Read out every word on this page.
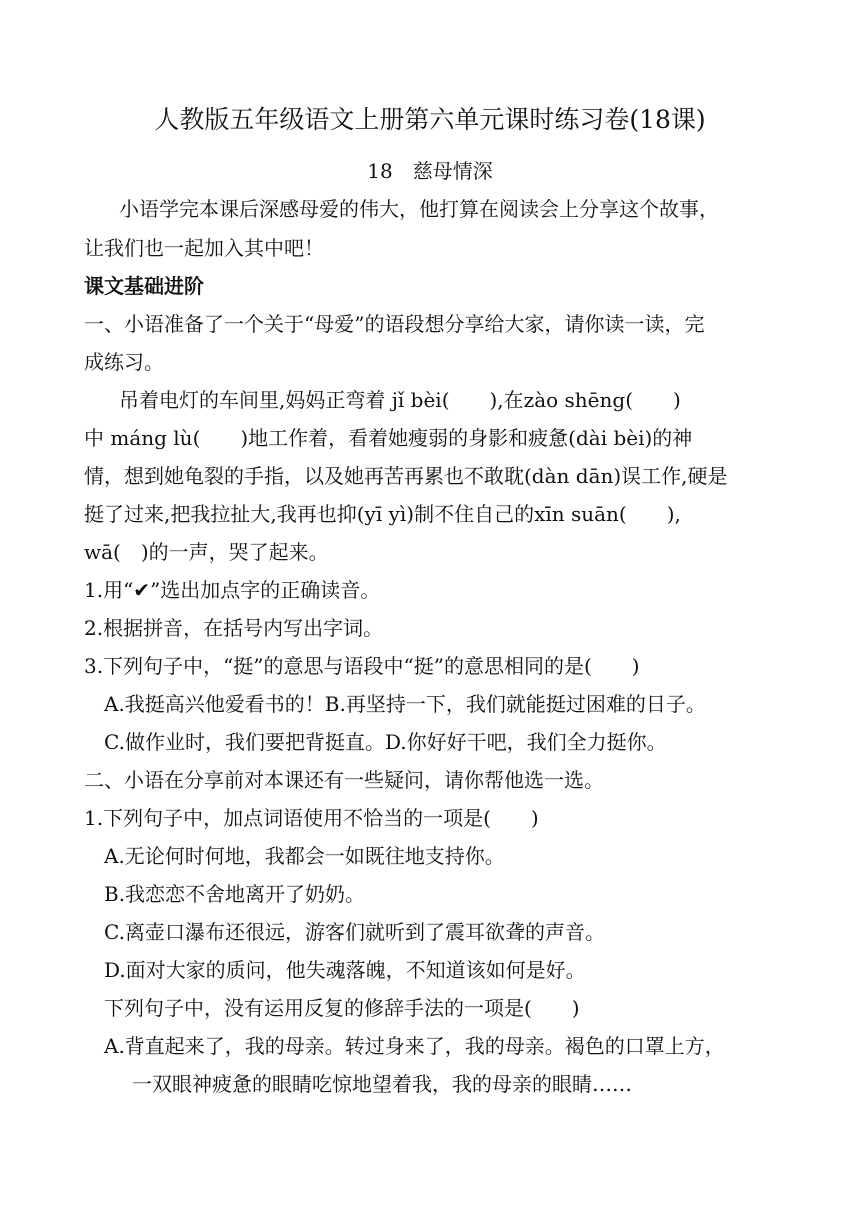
人教版五年级语文上册第六单元课时练习卷(18课)
18　慈母情深
小语学完本课后深感母爱的伟大，他打算在阅读会上分享这个故事，
让我们也一起加入其中吧！
课文基础进阶
一、小语准备了一个关于“母爱”的语段想分享给大家，请你读一读，完
成练习。
吊着电灯的车间里,妈妈正弯着 jǐ bèi(　　),在zào shēng(　　)
中 máng lù(　　)地工作着，看着她瘦弱的身影和疲惫(dài bèi)的神
情，想到她龟裂的手指，以及她再苦再累也不敢耽(dàn dān)误工作,硬是
挺了过来,把我拉扯大,我再也抑(yī yì)制不住自己的xīn suān(　　),
wā(　)的一声，哭了起来。
1.用“✔”选出加点字的正确读音。
2.根据拼音，在括号内写出字词。
3.下列句子中，“挺”的意思与语段中“挺”的意思相同的是(　　)
A.我挺高兴他爱看书的！B.再坚持一下，我们就能挺过困难的日子。
C.做作业时，我们要把背挺直。D.你好好干吧，我们全力挺你。
二、小语在分享前对本课还有一些疑问，请你帮他选一选。
1.下列句子中，加点词语使用不恰当的一项是(　　)
A.无论何时何地，我都会一如既往地支持你。
B.我恋恋不舍地离开了奶奶。
C.离壶口瀑布还很远，游客们就听到了震耳欲聋的声音。
D.面对大家的质问，他失魂落魄，不知道该如何是好。
下列句子中，没有运用反复的修辞手法的一项是(　　)
A.背直起来了，我的母亲。转过身来了，我的母亲。褐色的口罩上方，
一双眼神疲惫的眼睛吃惊地望着我，我的母亲的眼睛……
